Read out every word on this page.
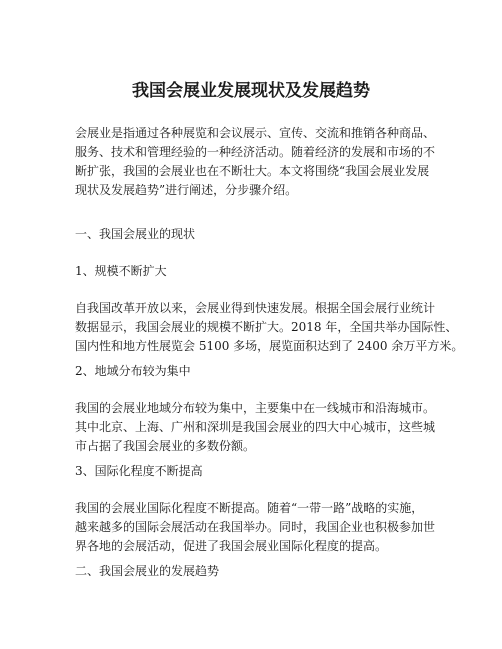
我国会展业发展现状及发展趋势

会展业是指通过各种展览和会议展示、宣传、交流和推销各种商品、
服务、技术和管理经验的一种经济活动。随着经济的发展和市场的不
断扩张，我国的会展业也在不断壮大。本文将围绕“我国会展业发展
现状及发展趋势”进行阐述，分步骤介绍。

一、我国会展业的现状

1、规模不断扩大

自我国改革开放以来，会展业得到快速发展。根据全国会展行业统计
数据显示，我国会展业的规模不断扩大。2018 年，全国共举办国际性、
国内性和地方性展览会 5100 多场，展览面积达到了 2400 余万平方米。

2、地域分布较为集中

我国的会展业地域分布较为集中，主要集中在一线城市和沿海城市。
其中北京、上海、广州和深圳是我国会展业的四大中心城市，这些城
市占据了我国会展业的多数份额。

3、国际化程度不断提高

我国的会展业国际化程度不断提高。随着“一带一路”战略的实施，
越来越多的国际会展活动在我国举办。同时，我国企业也积极参加世
界各地的会展活动，促进了我国会展业国际化程度的提高。

二、我国会展业的发展趋势
